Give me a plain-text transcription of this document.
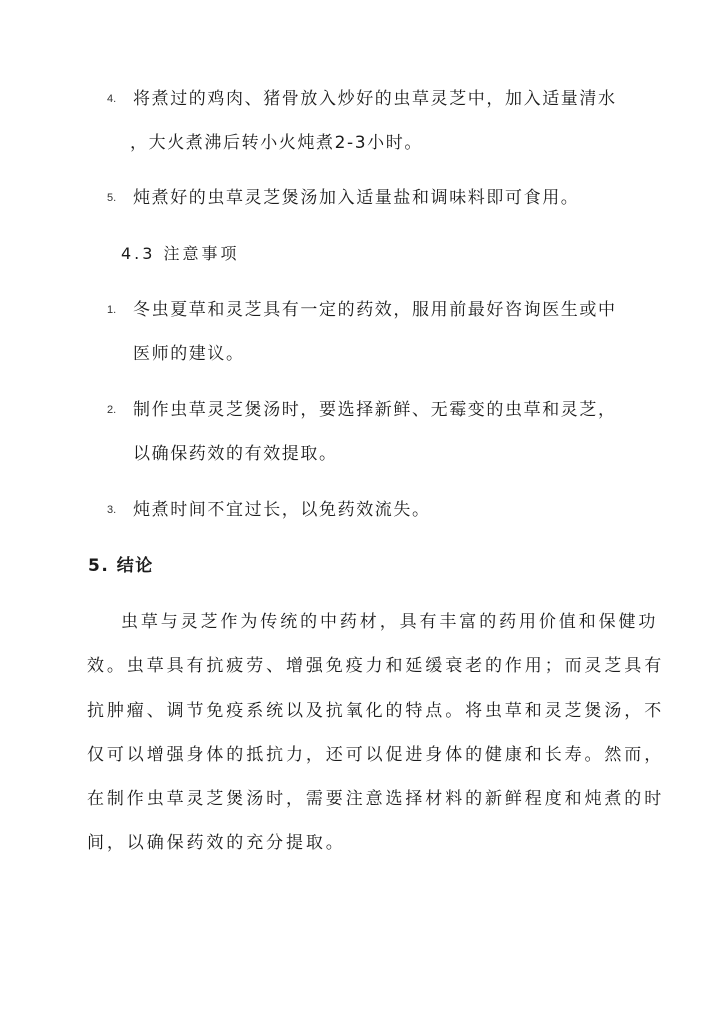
4. 将煮过的鸡肉、猪骨放入炒好的虫草灵芝中，加入适量清水
，大火煮沸后转小火炖煮2-3小时。
5. 炖煮好的虫草灵芝煲汤加入适量盐和调味料即可食用。
4.3 注意事项
1. 冬虫夏草和灵芝具有一定的药效，服用前最好咨询医生或中
医师的建议。
2. 制作虫草灵芝煲汤时，要选择新鲜、无霉变的虫草和灵芝，
以确保药效的有效提取。
3. 炖煮时间不宜过长，以免药效流失。
5. 结论
虫草与灵芝作为传统的中药材，具有丰富的药用价值和保健功
效。虫草具有抗疲劳、增强免疫力和延缓衰老的作用；而灵芝具有
抗肿瘤、调节免疫系统以及抗氧化的特点。将虫草和灵芝煲汤，不
仅可以增强身体的抵抗力，还可以促进身体的健康和长寿。然而，
在制作虫草灵芝煲汤时，需要注意选择材料的新鲜程度和炖煮的时
间，以确保药效的充分提取。
